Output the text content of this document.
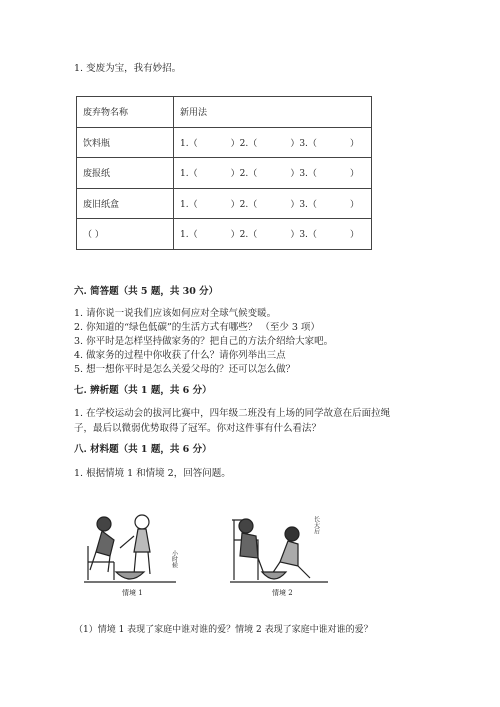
1. 变废为宝，我有妙招。
废弃物名称	新用法
饮料瓶	1.（ ）2.（ ）3.（ ）

废报纸	1.（ ）2.（ ）3.（ ）

废旧纸盒	1.（ ）2.（ ）3.（ ）

（ ）	1.（ ）2.（ ）3.（ ）
六. 简答题（共 5 题，共 30 分）
1. 请你说一说我们应该如何应对全球气候变暖。
2. 你知道的“绿色低碳”的生活方式有哪些？ （至少 3 项）
3. 你平时是怎样坚持做家务的？把自己的方法介绍给大家吧。
4. 做家务的过程中你收获了什么？请你列举出三点
5. 想一想你平时是怎么关爱父母的？还可以怎么做？
七. 辨析题（共 1 题，共 6 分）
1. 在学校运动会的拔河比赛中，四年级二班没有上场的同学故意在后面拉绳
子，最后以微弱优势取得了冠军。你对这件事有什么看法？
八. 材料题（共 1 题，共 6 分）
1. 根据情境 1 和情境 2，回答问题。
小时候
情境 1
长大后
情境 2
（1）情境 1 表现了家庭中谁对谁的爱？情境 2 表现了家庭中谁对谁的爱？
